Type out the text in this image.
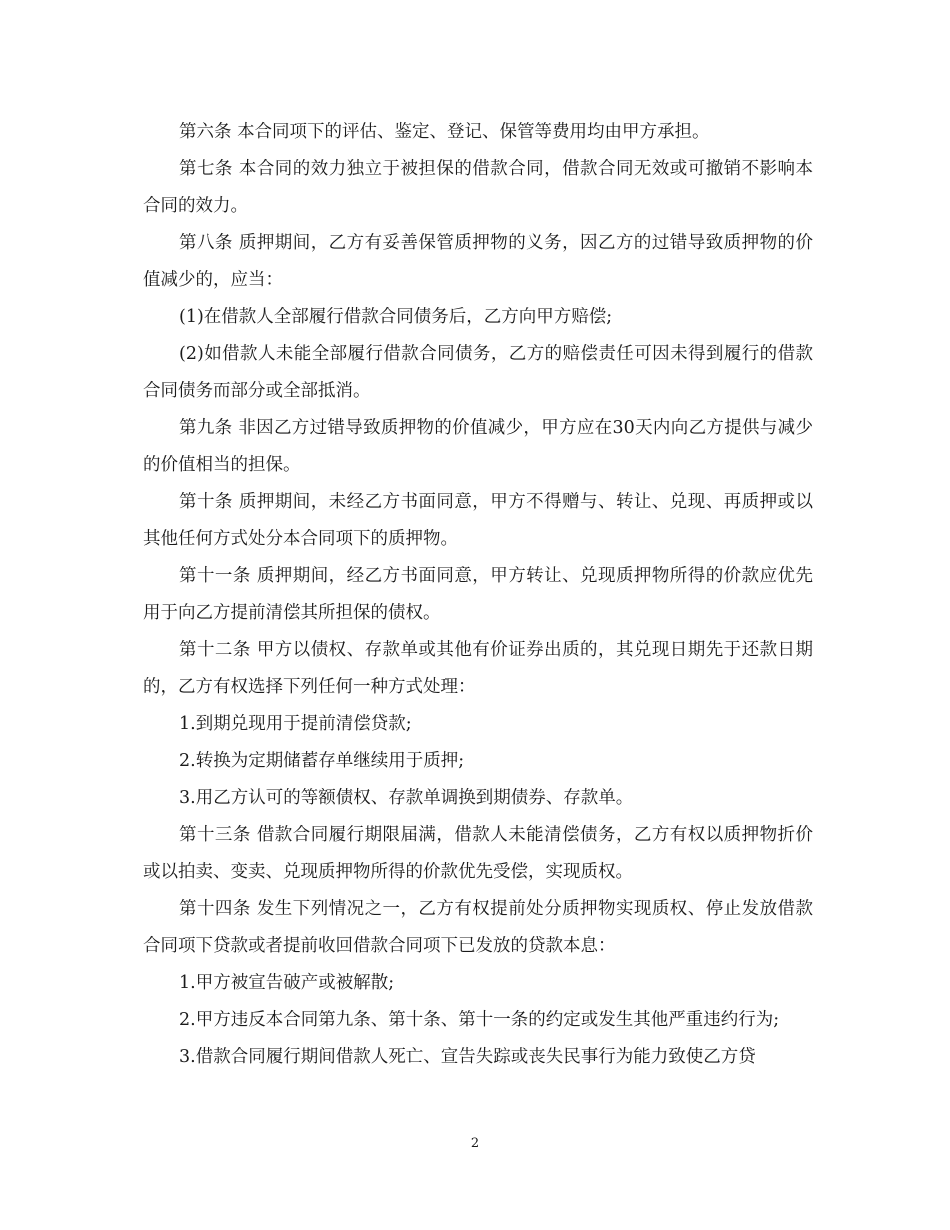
第六条 本合同项下的评估、鉴定、登记、保管等费用均由甲方承担。

第七条 本合同的效力独立于被担保的借款合同，借款合同无效或可撤销不影响本合同的效力。

第八条 质押期间，乙方有妥善保管质押物的义务，因乙方的过错导致质押物的价值减少的，应当：

(1)在借款人全部履行借款合同债务后，乙方向甲方赔偿;

(2)如借款人未能全部履行借款合同债务，乙方的赔偿责任可因未得到履行的借款合同债务而部分或全部抵消。

第九条 非因乙方过错导致质押物的价值减少，甲方应在30天内向乙方提供与减少的价值相当的担保。

第十条 质押期间，未经乙方书面同意，甲方不得赠与、转让、兑现、再质押或以其他任何方式处分本合同项下的质押物。

第十一条 质押期间，经乙方书面同意，甲方转让、兑现质押物所得的价款应优先用于向乙方提前清偿其所担保的债权。

第十二条 甲方以债权、存款单或其他有价证券出质的，其兑现日期先于还款日期的，乙方有权选择下列任何一种方式处理：

1.到期兑现用于提前清偿贷款;

2.转换为定期储蓄存单继续用于质押;

3.用乙方认可的等额债权、存款单调换到期债券、存款单。

第十三条 借款合同履行期限届满，借款人未能清偿债务，乙方有权以质押物折价或以拍卖、变卖、兑现质押物所得的价款优先受偿，实现质权。

第十四条 发生下列情况之一，乙方有权提前处分质押物实现质权、停止发放借款合同项下贷款或者提前收回借款合同项下已发放的贷款本息：

1.甲方被宣告破产或被解散;

2.甲方违反本合同第九条、第十条、第十一条的约定或发生其他严重违约行为;

3.借款合同履行期间借款人死亡、宣告失踪或丧失民事行为能力致使乙方贷

2
